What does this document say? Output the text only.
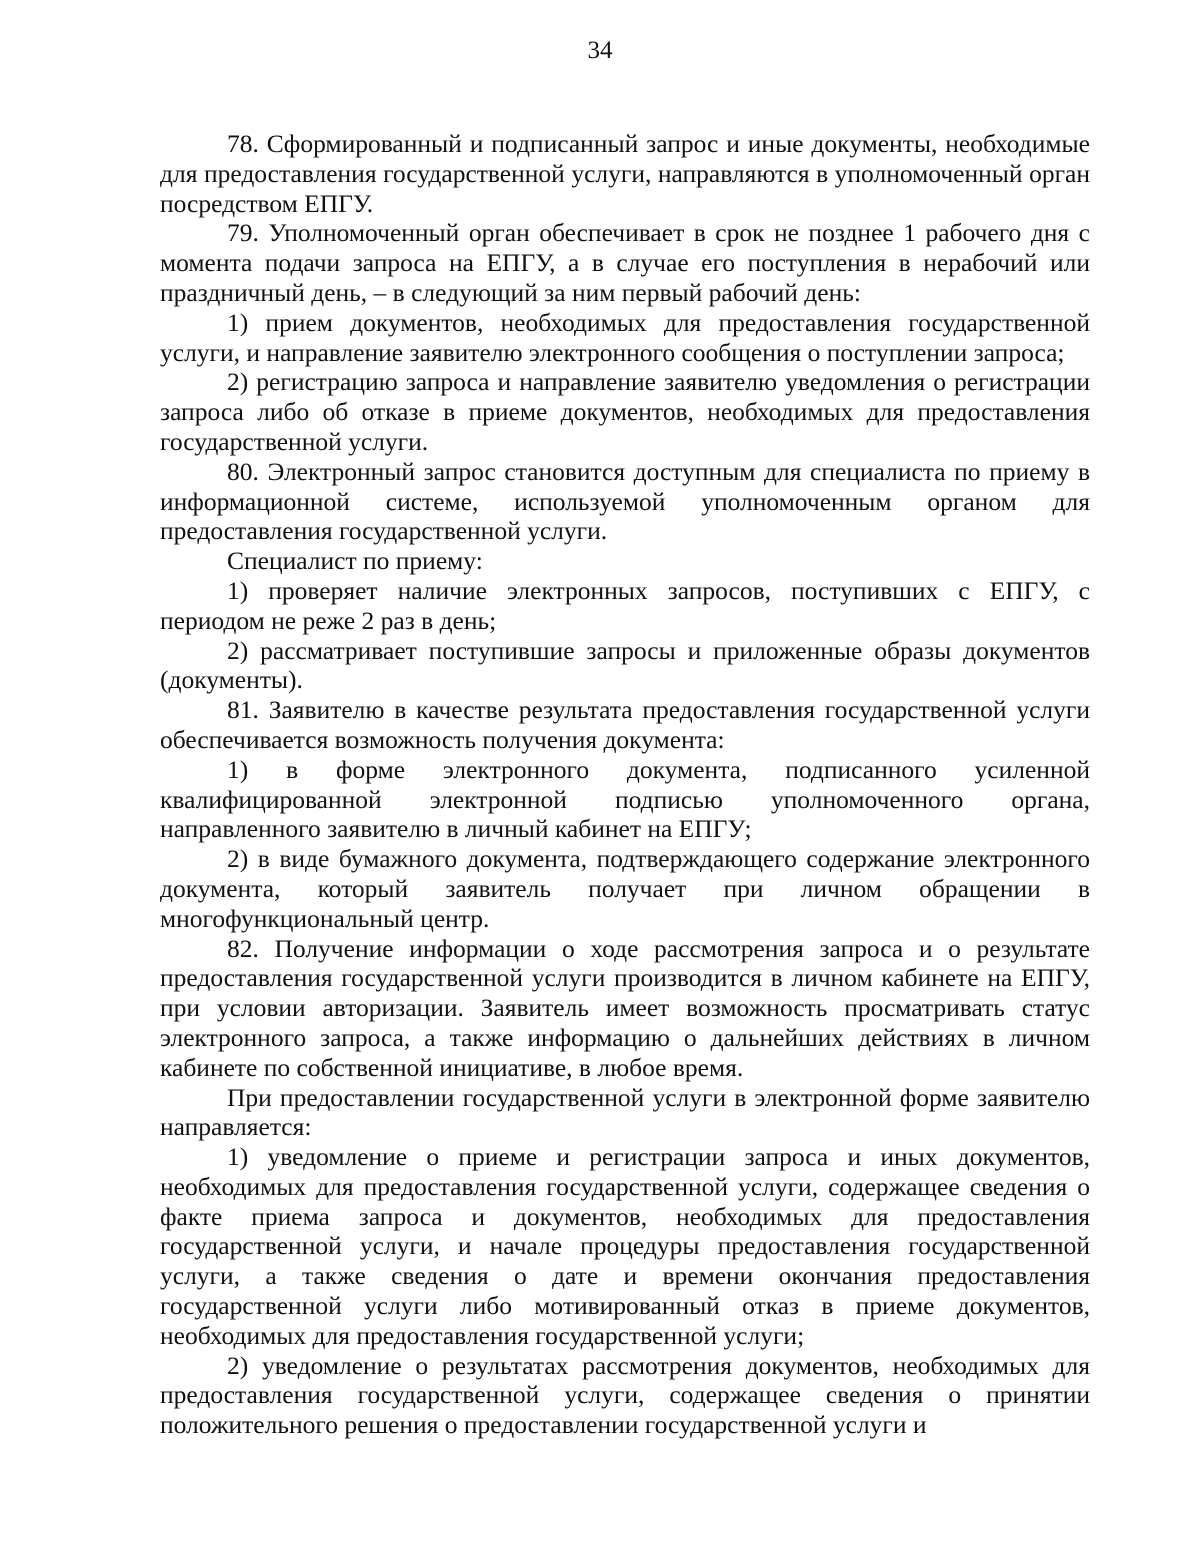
34

78. Сформированный и подписанный запрос и иные документы, необходимые для предоставления государственной услуги, направляются в уполномоченный орган посредством ЕПГУ.

79. Уполномоченный орган обеспечивает в срок не позднее 1 рабочего дня с момента подачи запроса на ЕПГУ, а в случае его поступления в нерабочий или праздничный день, – в следующий за ним первый рабочий день:

1) прием документов, необходимых для предоставления государственной услуги, и направление заявителю электронного сообщения о поступлении запроса;

2) регистрацию запроса и направление заявителю уведомления о регистрации запроса либо об отказе в приеме документов, необходимых для предоставления государственной услуги.

80. Электронный запрос становится доступным для специалиста по приему в информационной системе, используемой уполномоченным органом для предоставления государственной услуги.

Специалист по приему:

1) проверяет наличие электронных запросов, поступивших с ЕПГУ, с периодом не реже 2 раз в день;

2) рассматривает поступившие запросы и приложенные образы документов (документы).

81. Заявителю в качестве результата предоставления государственной услуги обеспечивается возможность получения документа:

1) в форме электронного документа, подписанного усиленной квалифицированной электронной подписью уполномоченного органа, направленного заявителю в личный кабинет на ЕПГУ;

2) в виде бумажного документа, подтверждающего содержание электронного документа, который заявитель получает при личном обращении в многофункциональный центр.

82. Получение информации о ходе рассмотрения запроса и о результате предоставления государственной услуги производится в личном кабинете на ЕПГУ, при условии авторизации. Заявитель имеет возможность просматривать статус электронного запроса, а также информацию о дальнейших действиях в личном кабинете по собственной инициативе, в любое время.

При предоставлении государственной услуги в электронной форме заявителю направляется:

1) уведомление о приеме и регистрации запроса и иных документов, необходимых для предоставления государственной услуги, содержащее сведения о факте приема запроса и документов, необходимых для предоставления государственной услуги, и начале процедуры предоставления государственной услуги, а также сведения о дате и времени окончания предоставления государственной услуги либо мотивированный отказ в приеме документов, необходимых для предоставления государственной услуги;

2) уведомление о результатах рассмотрения документов, необходимых для предоставления государственной услуги, содержащее сведения о принятии положительного решения о предоставлении государственной услуги и
